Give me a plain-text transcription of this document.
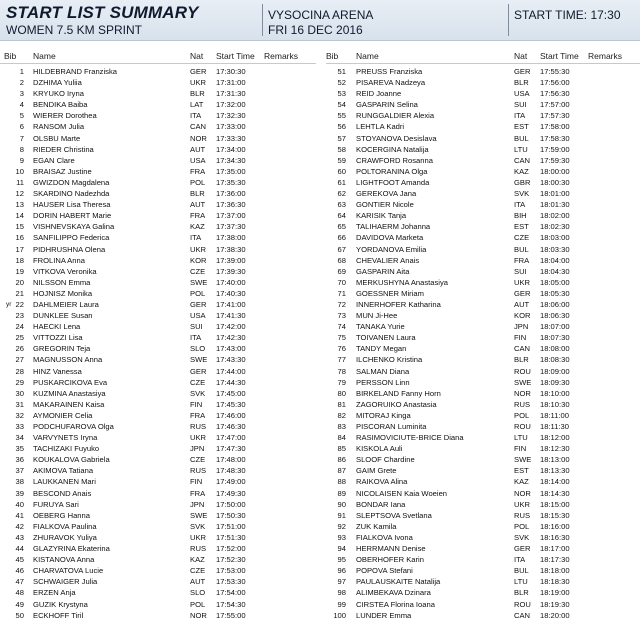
START LIST SUMMARY
WOMEN 7.5 KM SPRINT
VYSOCINA ARENA
FRI 16 DEC 2016
START TIME: 17:30
Bib	Name	Nat Start Time Remarks
1 HILDEBRAND Franziska	GER 17:30:30
2 DZHIMA Yuliia	UKR 17:31:00
3 KRYUKO Iryna	BLR 17:31:30
4 BENDIKA Baiba	LAT 17:32:00
5 WIERER Dorothea	ITA 17:32:30
6 RANSOM Julia	CAN 17:33:00
7 OLSBU Marte	NOR 17:33:30
8 RIEDER Christina	AUT 17:34:00
9 EGAN Clare	USA 17:34:30
10 BRAISAZ Justine	FRA 17:35:00
11 GWIZDON Magdalena	POL 17:35:30
12 SKARDINO Nadezhda	BLR 17:36:00
13 HAUSER Lisa Theresa	AUT 17:36:30
14 DORIN HABERT Marie	FRA 17:37:00
15 VISHNEVSKAYA Galina	KAZ 17:37:30
16 SANFILIPPO Federica	ITA 17:38:00
17 PIDHRUSHNA Olena	UKR 17:38:30
18 FROLINA Anna	KOR 17:39:00
19 VITKOVA Veronika	CZE 17:39:30
20 NILSSON Emma	SWE 17:40:00
21 HOJNISZ Monika	POL 17:40:30
22 DAHLMEIER Laura	GER 17:41:00
yr
23 DUNKLEE Susan	USA 17:41:30
24 HAECKI Lena	SUI 17:42:00
25 VITTOZZI Lisa	ITA 17:42:30
26 GREGORIN Teja	SLO 17:43:00
27 MAGNUSSON Anna	SWE 17:43:30
28 HINZ Vanessa	GER 17:44:00
29 PUSKARCIKOVA Eva	CZE 17:44:30
30 KUZMINA Anastasiya	SVK 17:45:00
31 MAKARAINEN Kaisa	FIN 17:45:30
32 AYMONIER Celia	FRA 17:46:00
33 PODCHUFAROVA Olga	RUS 17:46:30
34 VARVYNETS Iryna	UKR 17:47:00
35 TACHIZAKI Fuyuko	JPN 17:47:30
36 KOUKALOVA Gabriela	CZE 17:48:00
37 AKIMOVA Tatiana	RUS 17:48:30
38 LAUKKANEN Mari	FIN 17:49:00
39 BESCOND Anais	FRA 17:49:30
40 FURUYA Sari	JPN 17:50:00
41 OEBERG Hanna	SWE 17:50:30
42 FIALKOVA Paulina	SVK 17:51:00
43 ZHURAVOK Yuliya	UKR 17:51:30
44 GLAZYRINA Ekaterina	RUS 17:52:00
45 KISTANOVA Anna	KAZ 17:52:30
46 CHARVATOVA Lucie	CZE 17:53:00
47 SCHWAIGER Julia	AUT 17:53:30
48 ERZEN Anja	SLO 17:54:00
49 GUZIK Krystyna	POL 17:54:30
50 ECKHOFF Tiril	NOR 17:55:00
Bib	Name	Nat Start Time Remarks
51 PREUSS Franziska	GER 17:55:30
52 PISAREVA Nadzeya	BLR 17:56:00
53 REID Joanne	USA 17:56:30
54 GASPARIN Selina	SUI 17:57:00
55 RUNGGALDIER Alexia	ITA 17:57:30
56 LEHTLA Kadri	EST 17:58:00
57 STOYANOVA Desislava	BUL 17:58:30
58 KOCERGINA Natalija	LTU 17:59:00
59 CRAWFORD Rosanna	CAN 17:59:30
60 POLTORANINA Olga	KAZ 18:00:00
61 LIGHTFOOT Amanda	GBR 18:00:30
62 GEREKOVA Jana	SVK 18:01:00
63 GONTIER Nicole	ITA 18:01:30
64 KARISIK Tanja	BIH 18:02:00
65 TALIHAERM Johanna	EST 18:02:30
66 DAVIDOVA Marketa	CZE 18:03:00
67 YORDANOVA Emilia	BUL 18:03:30
68 CHEVALIER Anais	FRA 18:04:00
69 GASPARIN Aita	SUI 18:04:30
70 MERKUSHYNA Anastasiya	UKR 18:05:00
71 GOESSNER Miriam	GER 18:05:30
72 INNERHOFER Katharina	AUT 18:06:00
73 MUN Ji-Hee	KOR 18:06:30
74 TANAKA Yurie	JPN 18:07:00
75 TOIVANEN Laura	FIN 18:07:30
76 TANDY Megan	CAN 18:08:00
77 ILCHENKO Kristina	BLR 18:08:30
78 SALMAN Diana	ROU 18:09:00
79 PERSSON Linn	SWE 18:09:30
80 BIRKELAND Fanny Horn	NOR 18:10:00
81 ZAGORUIKO Anastasia	RUS 18:10:30
82 MITORAJ Kinga	POL 18:11:00
83 PISCORAN Luminita	ROU 18:11:30
84 RASIMOVICIUTE-BRICE Diana	LTU 18:12:00
85 KISKOLA Auli	FIN 18:12:30
86 SLOOF Chardine	SWE 18:13:00
87 GAIM Grete	EST 18:13:30
88 RAIKOVA Alina	KAZ 18:14:00
89 NICOLAISEN Kaia Woeien	NOR 18:14:30
90 BONDAR Iana	UKR 18:15:00
91 SLEPTSOVA Svetlana	RUS 18:15:30
92 ZUK Kamila	POL 18:16:00
93 FIALKOVA Ivona	SVK 18:16:30
94 HERRMANN Denise	GER 18:17:00
95 OBERHOFER Karin	ITA 18:17:30
96 POPOVA Stefani	BUL 18:18:00
97 PAULAUSKAITE Natalija	LTU 18:18:30
98 ALIMBEKAVA Dzinara	BLR 18:19:00
99 CIRSTEA Florina Ioana	ROU 18:19:30
100 LUNDER Emma	CAN 18:20:00
